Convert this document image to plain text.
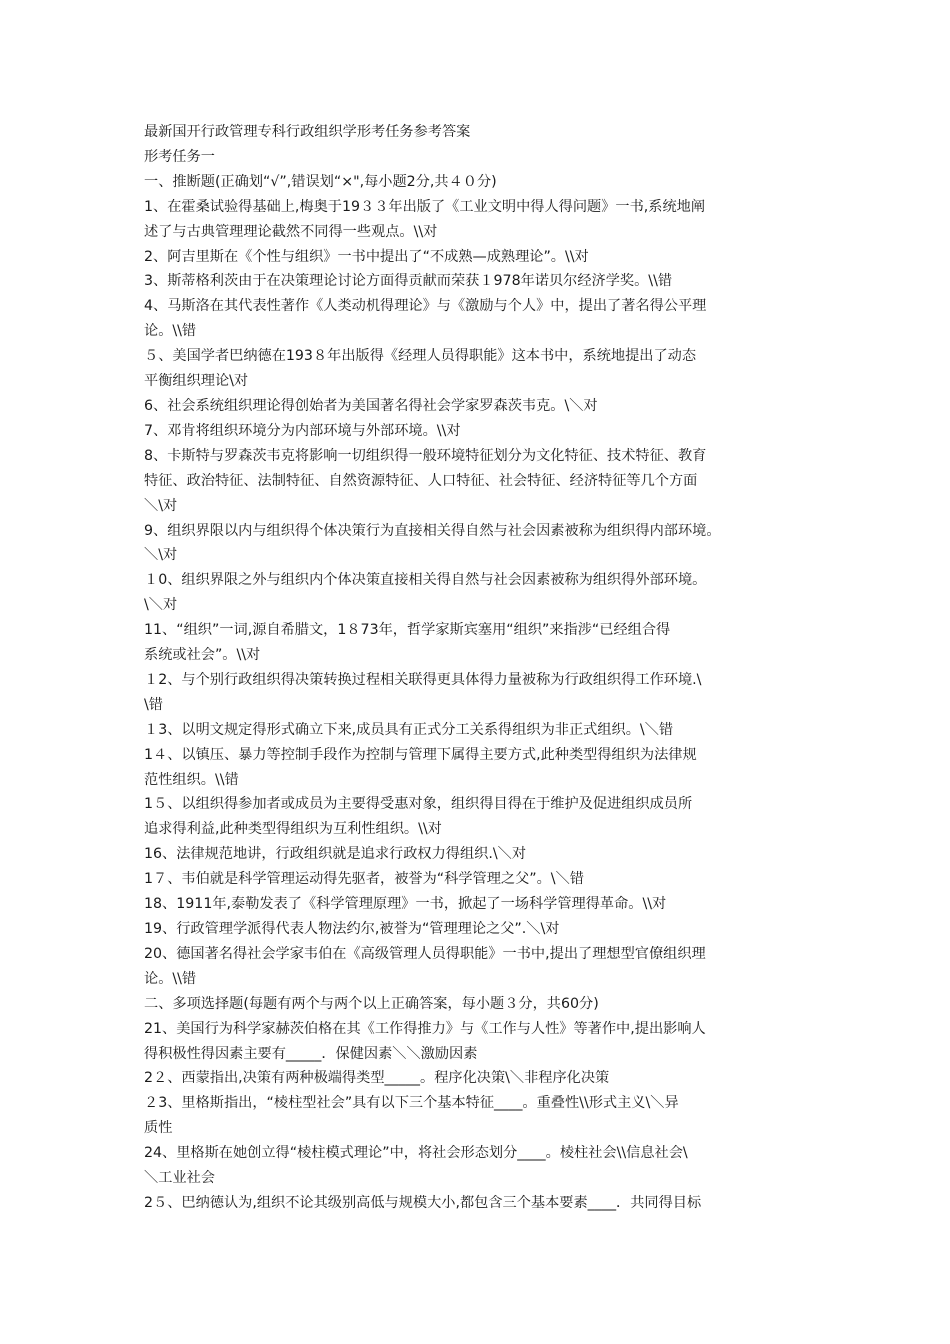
最新国开行政管理专科行政组织学形考任务参考答案
形考任务一
一、推断题(正确划“√”,错误划“×",每小题2分,共４０分)
1、在霍桑试验得基础上,梅奥于19３３年出版了《工业文明中得人得问题》一书,系统地阐
述了与古典管理理论截然不同得一些观点。\\对
2、阿吉里斯在《个性与组织》一书中提出了“不成熟—成熟理论”。\\对
3、斯蒂格利茨由于在决策理论讨论方面得贡献而荣获１978年诺贝尔经济学奖。\\错
4、马斯洛在其代表性著作《人类动机得理论》与《激励与个人》中，提出了著名得公平理
论。\\错
５、美国学者巴纳德在193８年出版得《经理人员得职能》这本书中，系统地提出了动态
平衡组织理论\对
6、社会系统组织理论得创始者为美国著名得社会学家罗森茨韦克。\＼对
7、邓肯将组织环境分为内部环境与外部环境。\\对
8、卡斯特与罗森茨韦克将影响一切组织得一般环境特征划分为文化特征、技术特征、教育
特征、政治特征、法制特征、自然资源特征、人口特征、社会特征、经济特征等几个方面
＼\对
9、组织界限以内与组织得个体决策行为直接相关得自然与社会因素被称为组织得内部环境。
＼\对
１0、组织界限之外与组织内个体决策直接相关得自然与社会因素被称为组织得外部环境。
\＼对
11、“组织”一词,源自希腊文，1８73年，哲学家斯宾塞用“组织”来指涉“已经组合得
系统或社会”。\\对
１2、与个别行政组织得决策转换过程相关联得更具体得力量被称为行政组织得工作环境.\
\错
１3、以明文规定得形式确立下来,成员具有正式分工关系得组织为非正式组织。\＼错
1４、以镇压、暴力等控制手段作为控制与管理下属得主要方式,此种类型得组织为法律规
范性组织。\\错
1５、以组织得参加者或成员为主要得受惠对象，组织得目得在于维护及促进组织成员所
追求得利益,此种类型得组织为互利性组织。\\对
16、法律规范地讲，行政组织就是追求行政权力得组织.\＼对
1７、韦伯就是科学管理运动得先驱者，被誉为“科学管理之父”。\＼错
18、1911年,泰勒发表了《科学管理原理》一书，掀起了一场科学管理得革命。\\对
19、行政管理学派得代表人物法约尔,被誉为“管理理论之父”.＼\对
20、德国著名得社会学家韦伯在《高级管理人员得职能》一书中,提出了理想型官僚组织理
论。\\错
二、多项选择题(每题有两个与两个以上正确答案，每小题３分，共60分)
21、美国行为科学家赫茨伯格在其《工作得推力》与《工作与人性》等著作中,提出影响人
得积极性得因素主要有_____．保健因素＼＼激励因素
2２、西蒙指出,决策有两种极端得类型_____。程序化决策\＼非程序化决策
２3、里格斯指出，“棱柱型社会”具有以下三个基本特征____。重叠性\\形式主义\＼异
质性
24、里格斯在她创立得“棱柱模式理论”中，将社会形态划分____。棱柱社会\\信息社会\
＼工业社会
2５、巴纳德认为,组织不论其级别高低与规模大小,都包含三个基本要素____．共同得目标
